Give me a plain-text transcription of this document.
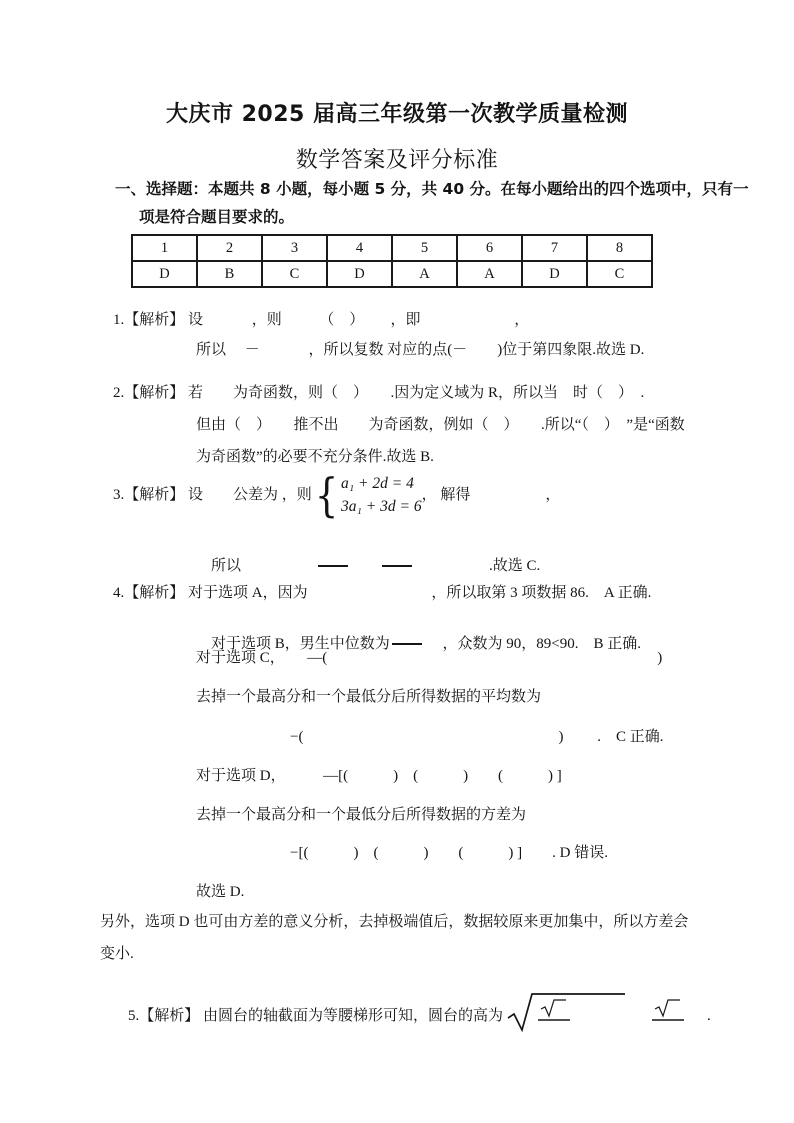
大庆市 2025 届高三年级第一次教学质量检测
数学答案及评分标准
一、选择题：本题共 8 小题，每小题 5 分，共 40 分。在每小题给出的四个选项中，只有一
项是符合题目要求的。
1	2	3	4	5	6	7	8
D	B	C	D	A	A	D	C
1.【解析】 设　　　 ，则　　　（　）　　 ，即　　　　　　 ，
所以　 －　　　 ，所以复数 对应的点(－　　)位于第四象限.故选 D.
2.【解析】 若　　为奇函数，则（　）　　.因为定义域为 R，所以当　时（　）　.
但由（　）　　推不出　　为奇函数，例如（　）　　.所以“（　）　”是“函数
为奇函数”的必要不充分条件.故选 B.
3.【解析】 设　　公差为 ，则 { a₁ + 2d = 4
3a₁ + 3d = 6
， 解得 　　　　　，

所以　　　　　　　	　　　　　.故选 C.

4.【解析】 对于选项 A，因为　　　　　　　　 ，所以取第 3 项数据 86.　A 正确.

对于选项 B，男生中位数为　 ，众数为 90，89<90.　B 正确.

对于选项 C，　　—(　　　　　　　　　　　　　　　　　　　　　　)
去掉一个最高分和一个最低分后所得数据的平均数为
−(　　　　　　　　　　　　　　　　　)　　 .　C 正确.
对于选项 D，　　　—[(　　　)　(　　　)　　(　　　) ]
去掉一个最高分和一个最低分后所得数据的方差为
−[(　　　)　(　　　)　　(　　　) ]　　. D 错误.
故选 D.
另外，选项 D 也可由方差的意义分析，去掉极端值后，数据较原来更加集中，所以方差会
变小.

5.【解析】 由圆台的轴截面为等腰梯形可知，圆台的高为	.
